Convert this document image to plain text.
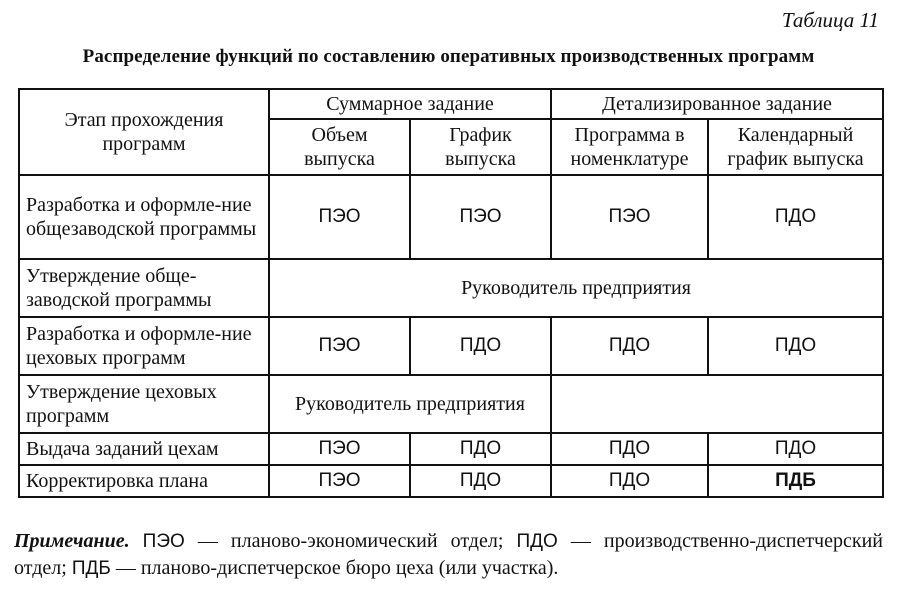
Таблица 11
Распределение функций по составлению оперативных производственных программ
Этап прохождения программ	Суммарное задание		Детализированное задание	
	Объем выпуска	График выпуска	Программа в номенклатуре	Календарный график выпуска
Разработка и оформле-ние общезаводской программы	ПЭО	ПЭО	ПЭО	ПДО
Утверждение обще-заводской программы	Руководитель предприятия			
Разработка и оформле-ние цеховых программ	ПЭО	ПДО	ПДО	ПДО
Утверждение цеховых программ	Руководитель предприятия			
Выдача заданий цехам	ПЭО	ПДО	ПДО	ПДО
Корректировка плана	ПЭО	ПДО	ПДО	ПДБ
Примечание. ПЭО — планово-экономический отдел; ПДО — производственно-диспетчерский отдел; ПДБ — планово-диспетчерское бюро цеха (или участка).
